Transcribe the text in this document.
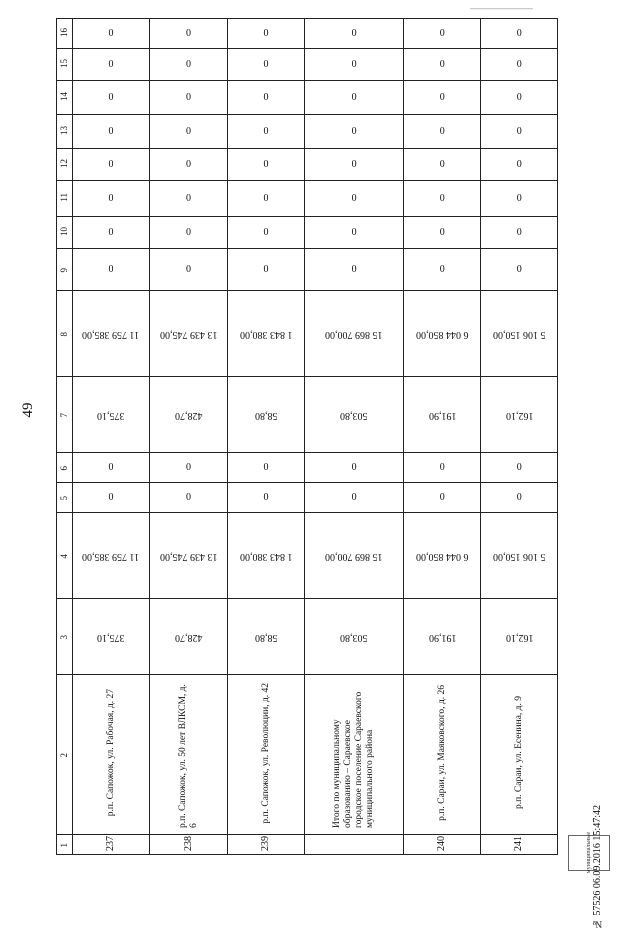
49
―――――――
16	0	0	0	0	0	0

15	0	0	0	0	0	0

14	0	0	0	0	0	0

13	0	0	0	0	0	0

12	0	0	0	0	0	0

11	0	0	0	0	0	0

10	0	0	0	0	0	0

9	0	0	0	0	0	0

8	11 759 385,00	13 439 745,00	1 843 380,00	15 869 700,00	6 044 850,00	5 106 150,00
7	375,10	428,70	58,80	503,80	191,90	162,10
6	0	0	0	0	0	0

5	0	0	0	0	0	0

4	11 759 385,00	13 439 745,00	1 843 380,00	15 869 700,00	6 044 850,00	5 106 150,00
3	375,10	428,70	58,80	503,80	191,90	162,10
2	р.п. Сапожок, ул. Рабочая, д. 27	р.п. Сапожок, ул. 50 лет ВЛКСМ, д. 6	р.п. Сапожок, ул. Революции, д. 42	Итого по муниципальному образованию – Сараевское городское поселение Сараевского муниципального района	р.п. Сараи, ул. Маяковского, д. 26	р.п. Сараи, ул. Есенина, д. 9
1	237	238	239		240	241	№ 57526 06.09.2016 15:47:42
муниципальные
